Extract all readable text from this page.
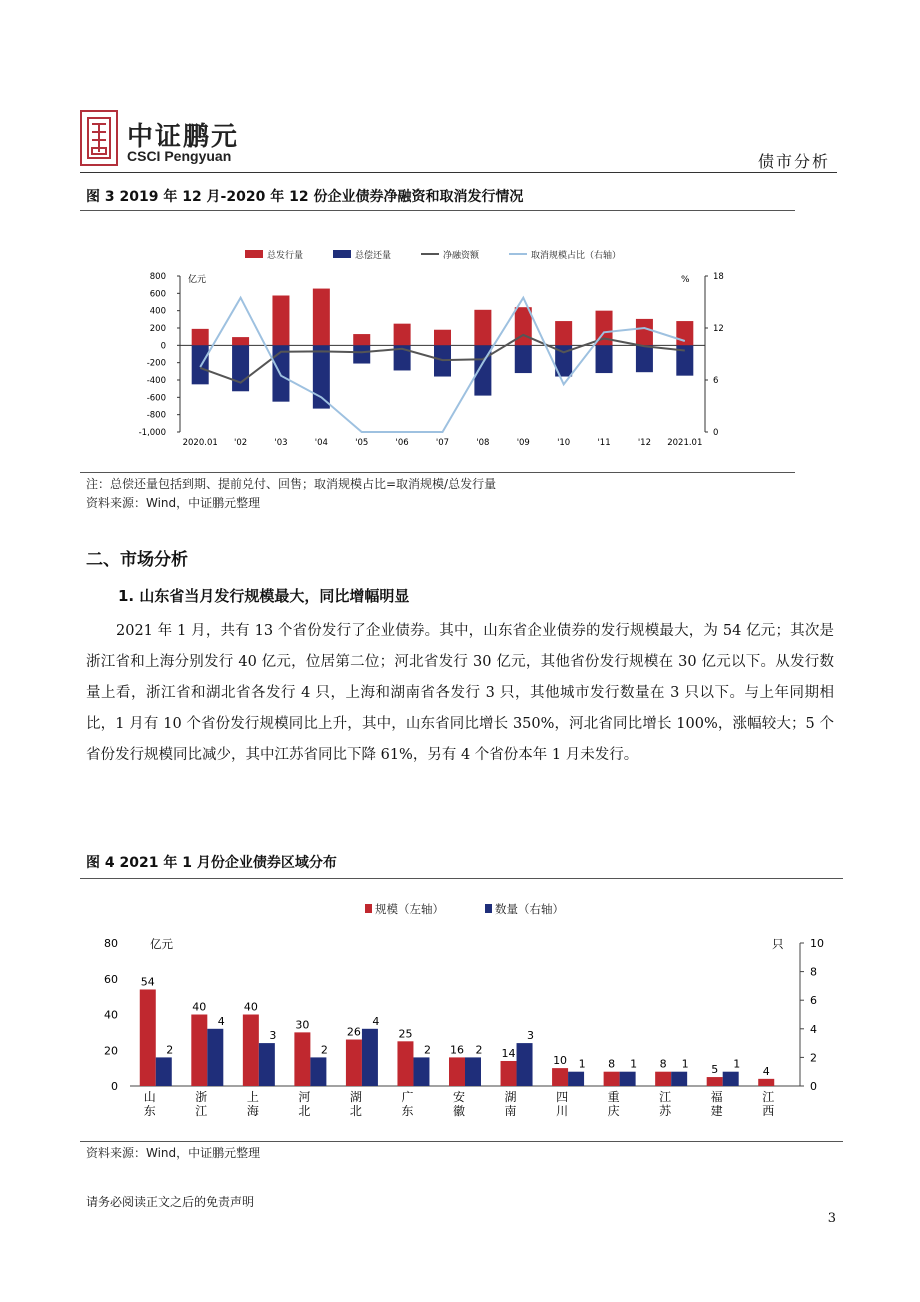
中证鹏元
CSCI Pengyuan	债市分析
图 3 2019 年 12 月-2020 年 12 份企业债券净融资和取消发行情况
总发行量	总偿还量	净融资额	取消规模占比（右轴）
亿元	%
800
600
400
200
0
-200
-400
-600
-800
-1,000
18
12
6
0
2020.01 '02	'03	'04	'05	'06	'07	'08	'09	'10	'11	'12 2021.01
注：总偿还量包括到期、提前兑付、回售；取消规模占比=取消规模/总发行量
资料来源：Wind，中证鹏元整理
二、市场分析
1. 山东省当月发行规模最大，同比增幅明显
2021 年 1 月，共有 13 个省份发行了企业债券。其中，山东省企业债券的发行规模最大，为 54 亿元；其次是浙江省和上海分别发行 40 亿元，位居第二位；河北省发行 30 亿元，其他省份发行规模在 30 亿元以下。从发行数量上看，浙江省和湖北省各发行 4 只，上海和湖南省各发行 3 只，其他城市发行数量在 3 只以下。与上年同期相比，1 月有 10 个省份发行规模同比上升，其中，山东省同比增长 350%，河北省同比增长 100%，涨幅较大；5 个省份发行规模同比减少，其中江苏省同比下降 61%，另有 4 个省份本年 1 月未发行。
图 4 2021 年 1 月份企业债券区域分布
规模（左轴）	数量（右轴）
亿元	只
80
60
40
20
0
10
8
6
4
2
0
54
2
山
东
40
4
浙
江
40
3
上
海
30
2
河
北
26
4
湖
北
25
2
广
东
16 2
安
徽
14
3
湖
南
10 1
四
川
8 1
重
庆
8 1
江
苏
5 1
福
建
4
江
西
资料来源：Wind，中证鹏元整理
请务必阅读正文之后的免责声明
3
